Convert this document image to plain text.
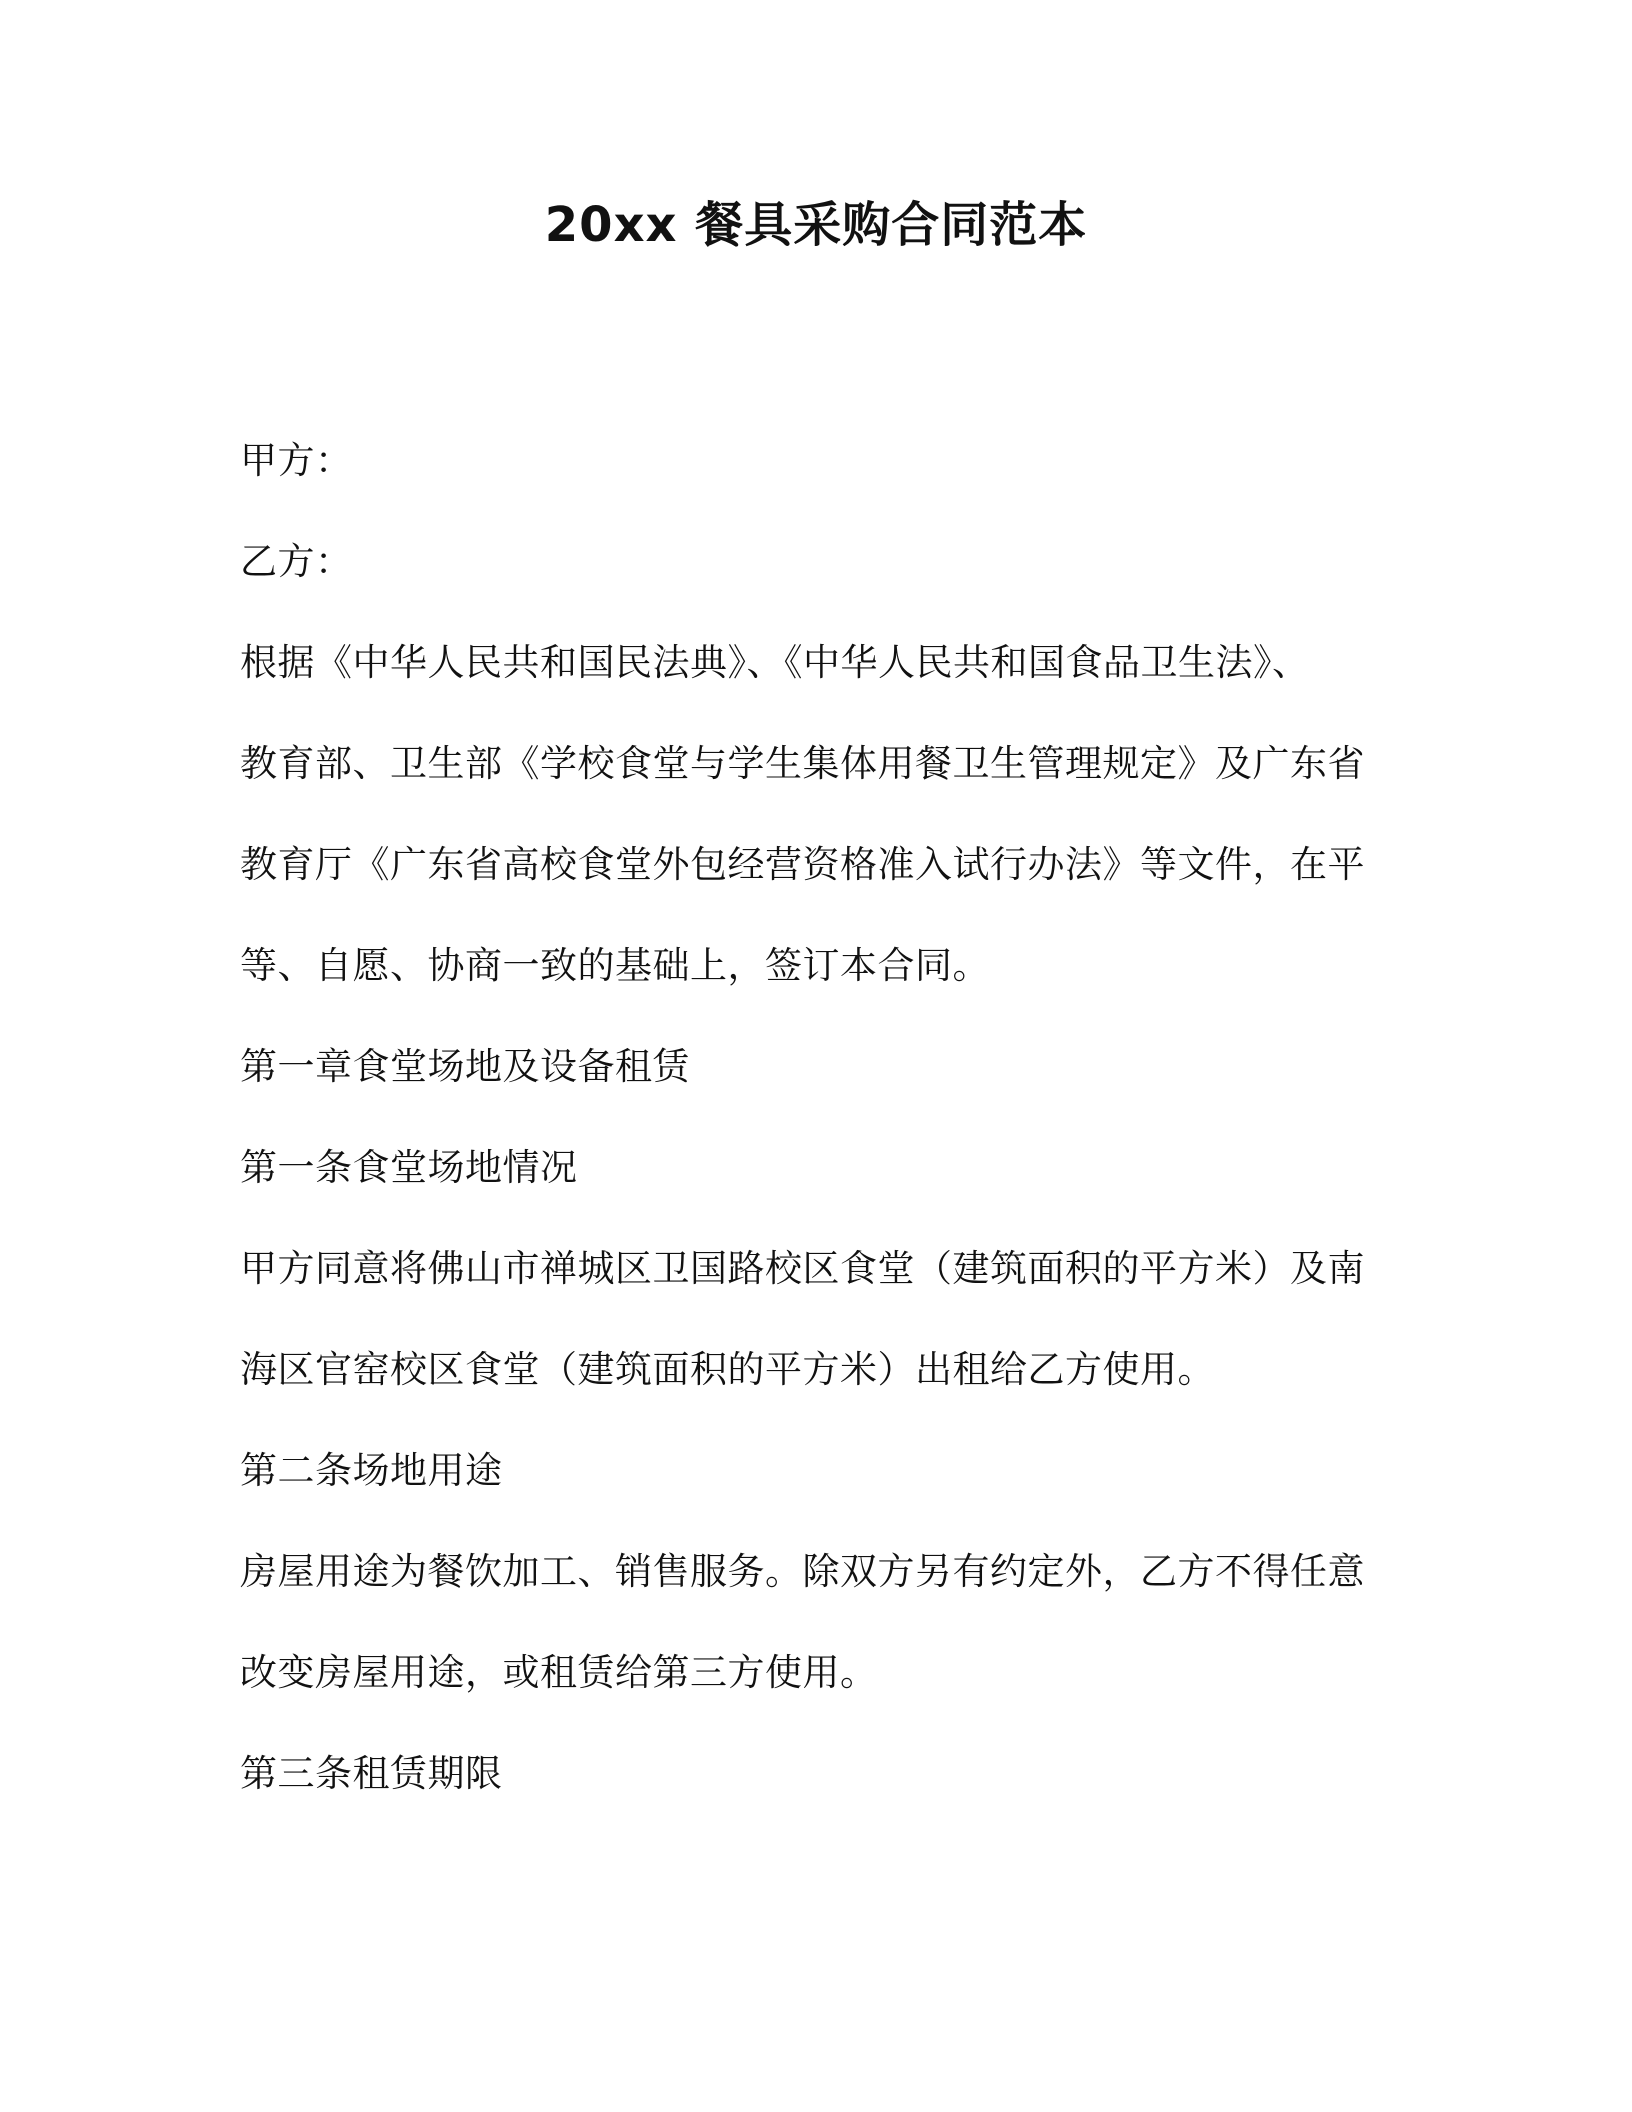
20xx 餐具采购合同范本

甲方：

乙方：

根据《中华人民共和国民法典》、《中华人民共和国食品卫生法》、

教育部、卫生部《学校食堂与学生集体用餐卫生管理规定》及广东省

教育厅《广东省高校食堂外包经营资格准入试行办法》等文件，在平

等、自愿、协商一致的基础上，签订本合同。

第一章食堂场地及设备租赁

第一条食堂场地情况

甲方同意将佛山市禅城区卫国路校区食堂（建筑面积的平方米）及南

海区官窑校区食堂（建筑面积的平方米）出租给乙方使用。

第二条场地用途

房屋用途为餐饮加工、销售服务。除双方另有约定外，乙方不得任意

改变房屋用途，或租赁给第三方使用。

第三条租赁期限
